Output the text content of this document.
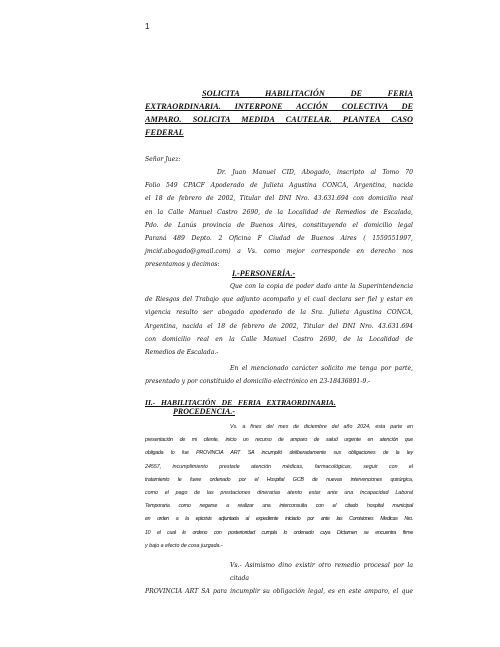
1
SOLICITA HABILITACIÓN DE FERIA
EXTRAORDINARIA. INTERPONE ACCIÓN COLECTIVA DE
AMPARO. SOLICITA MEDIDA CAUTELAR. PLANTEA CASO
FEDERAL
Señor Juez:
Dr. Juan Manuel CID, Abogado, inscripto al Tomo 70
Folio 549 CPACF Apoderado de Julieta Agustina CONCA, Argentina, nacida
el 18 de febrero de 2002, Titular del DNI Nro. 43.631.694 con domicilio real
en la Calle Manuel Castro 2690, de la Localidad de Remedios de Escalada,
Pdo. de Lanús provincia de Buenos Aires, constituyendo el domicilio legal
Paraná 489 Depto. 2 Oficina F Ciudad de Buenos Aires ( 1559551997,
jmcid.abogado@gmail.com) a Vs. como mejor corresponde en derecho nos
presentamos y decimos:
I.-PERSONERÍA.-
Que con la copia de poder dado ante la Superintendencia
de Riesgos del Trabajo que adjunto acompaño y el cual declara ser fiel y estar en
vigencia resulto ser abogado apoderado de la Sra. Julieta Agustina CONCA,
Argentina, nacida el 18 de febrero de 2002, Titular del DNI Nro. 43.631.694
con domicilio real en la Calle Manuel Castro 2690, de la Localidad de
Remedios de Escalada.-
En el mencionado carácter solicito me tenga por parte,
presentado y por constituido el domicilio electrónico en 23-18436891-9.-
II.-   HABILITACIÓN   DE   FERIA   EXTRAORDINARIA.
PROCEDENCIA.-
Vs. a fines del mes de diciembre del año 2024, esta parte en
presentación de mi cliente, inicio un recurso de amparo de salud urgente en atención que
obligada lo fue PROVINCIA ART SA incumplió deliberadamente sus obligaciones de la ley
24557, incumplimiento prestarle atención médicas, farmacológicas, seguir con el
tratamiento le fuere ordenado por el Hospital GCB de nuevas intervenciones quirúrgica,
como el pago de las prestaciones dinerarias atento estar ante una Incapacidad Laboral
Temporaria como negarse a realizar una interconsulta con el citado hospital municipal
en orden a la epicrisis adjuntada al expediente iniciado por ante las Comisiones Medicas Nro.
10 el cual le ordeno con posterioridad cumpla lo ordenado cuya Dictamen se encuentra firme
y bajo a efecto de cosa juzgada.-
Vs.- Asimismo dino existir otro remedio procesal por la citada
PROVINCIA ART SA para incumplir su obligación legal, es en este amparo, el que
